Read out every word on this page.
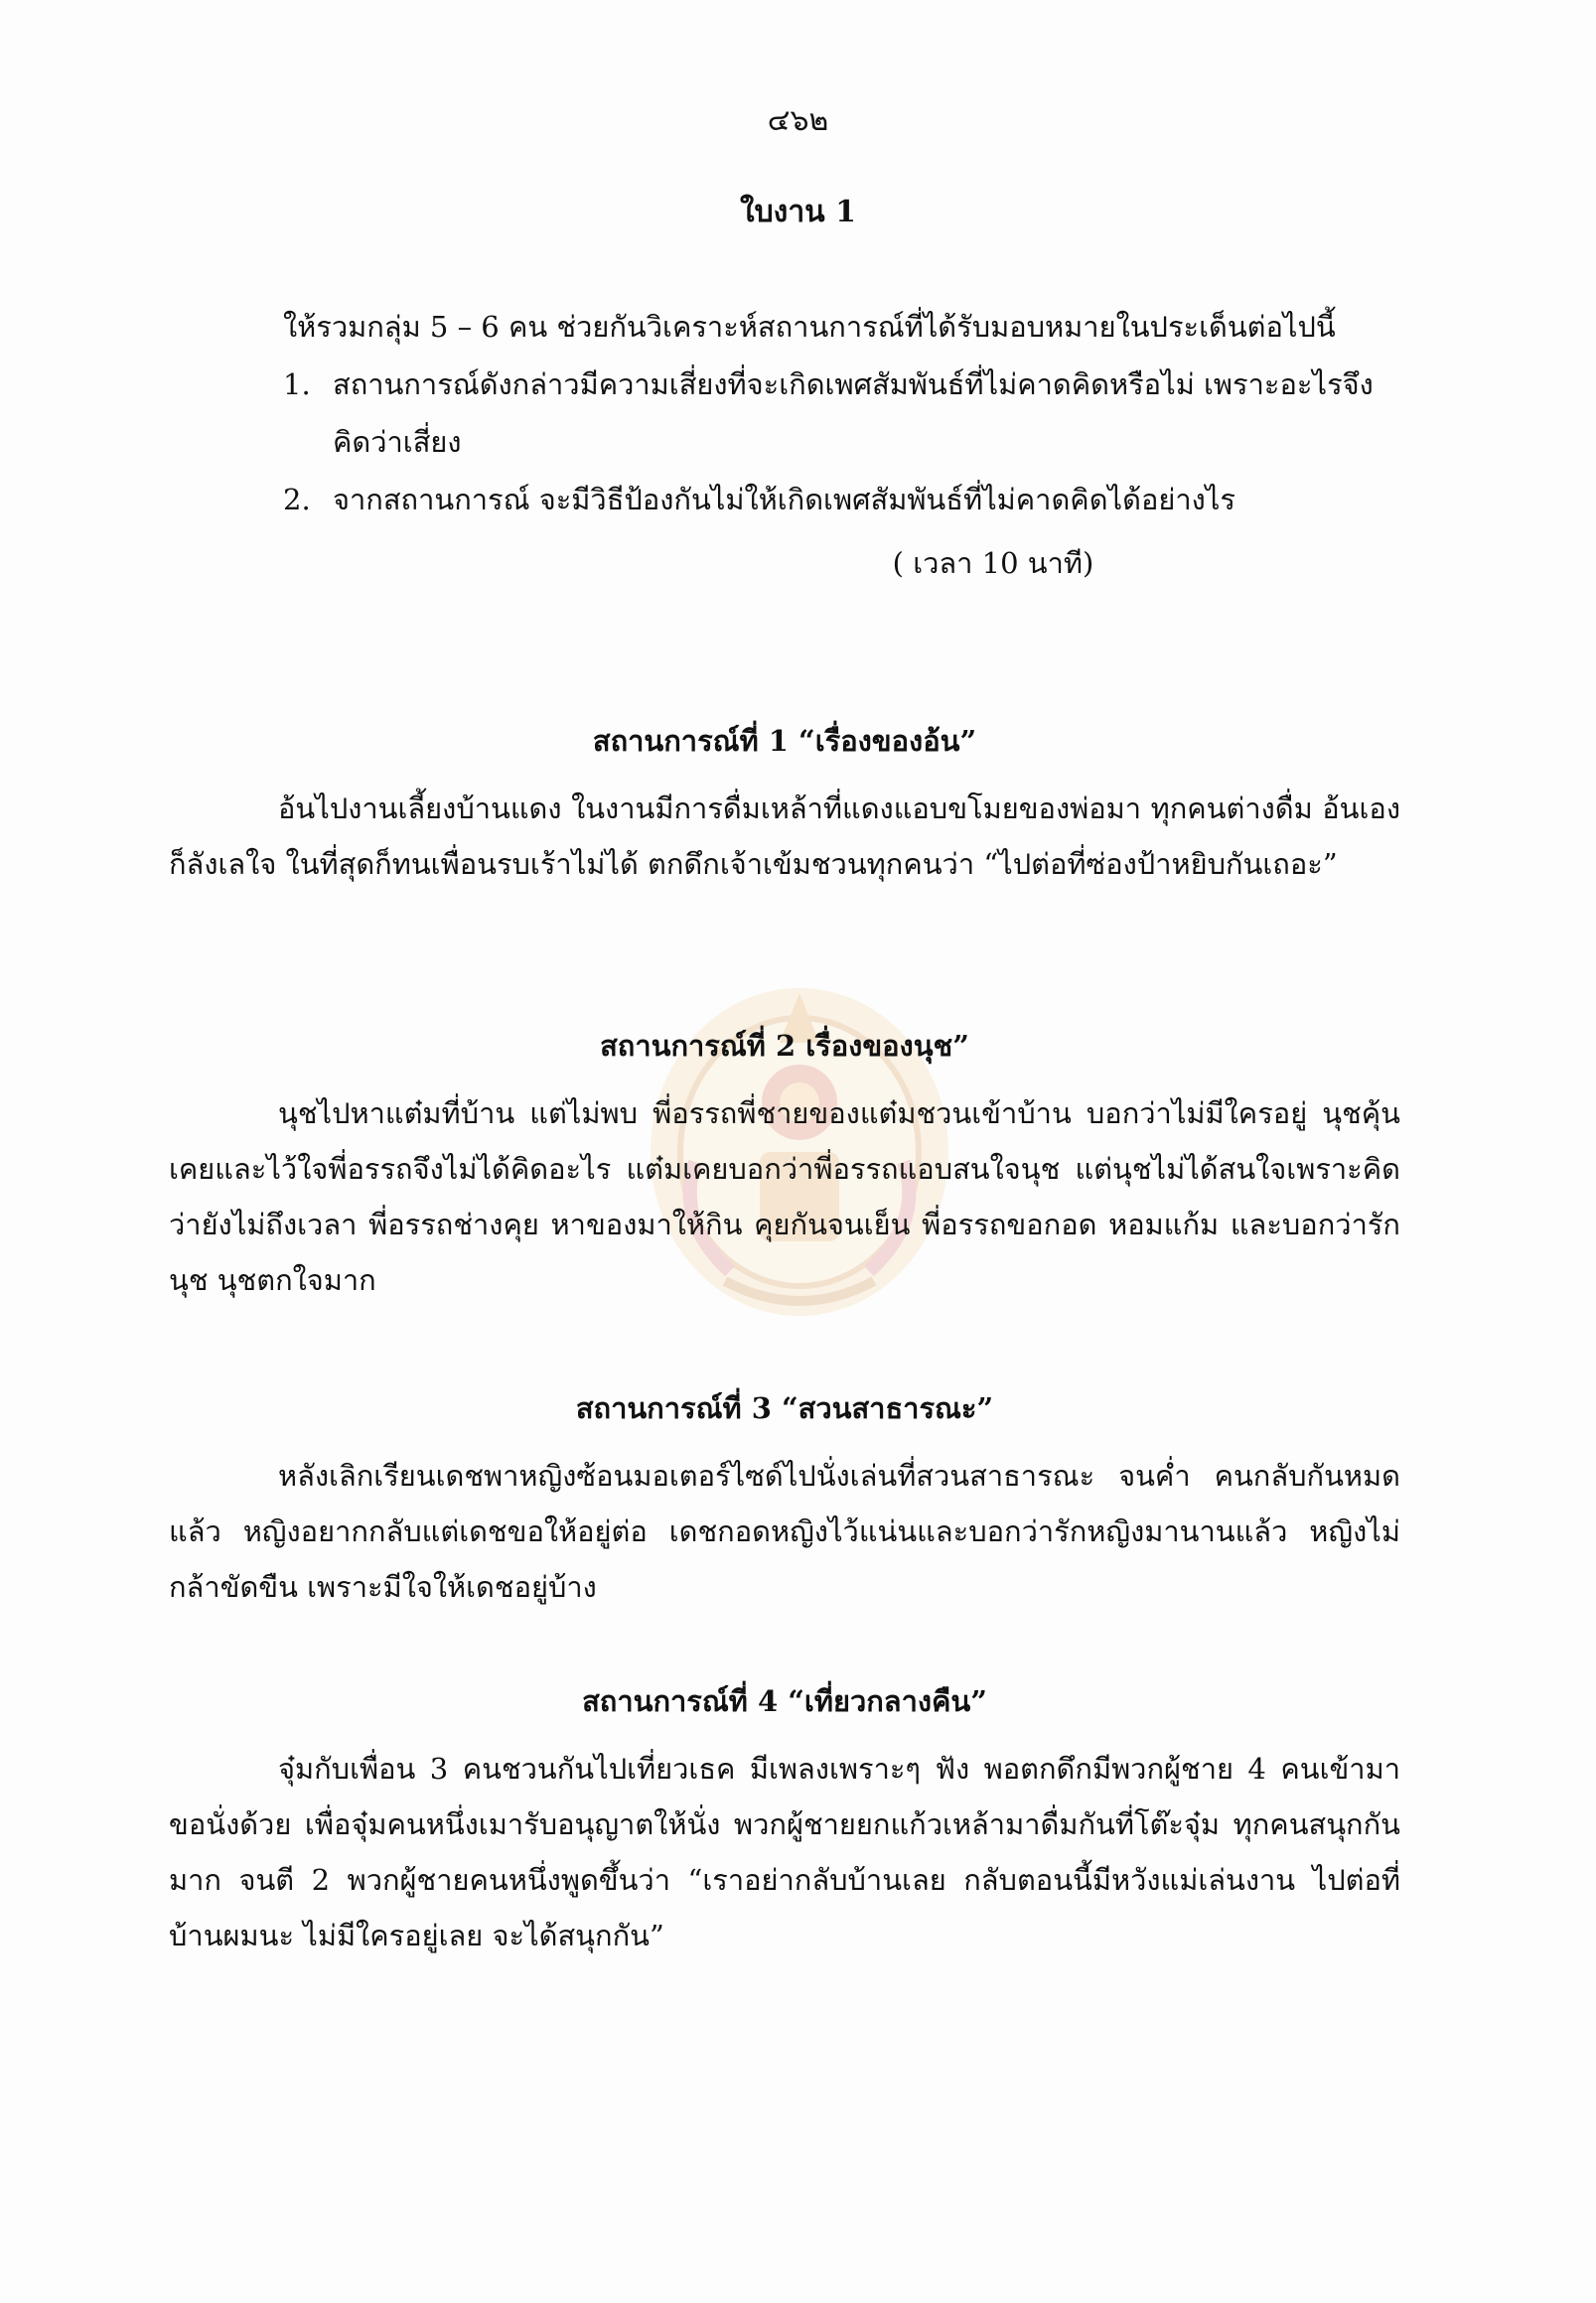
๔๖๒
ใบงาน 1
ให้รวมกลุ่ม 5 – 6 คน ช่วยกันวิเคราะห์สถานการณ์ที่ได้รับมอบหมายในประเด็นต่อไปนี้
1. สถานการณ์ดังกล่าวมีความเสี่ยงที่จะเกิดเพศสัมพันธ์ที่ไม่คาดคิดหรือไม่ เพราะอะไรจึงคิดว่าเสี่ยง
2. จากสถานการณ์ จะมีวิธีป้องกันไม่ให้เกิดเพศสัมพันธ์ที่ไม่คาดคิดได้อย่างไร
( เวลา 10 นาที)
สถานการณ์ที่ 1 “เรื่องของอ้น”
อ้นไปงานเลี้ยงบ้านแดง ในงานมีการดื่มเหล้าที่แดงแอบขโมยของพ่อมา ทุกคนต่างดื่ม อ้นเองก็ลังเลใจ ในที่สุดก็ทนเพื่อนรบเร้าไม่ได้ ตกดึกเจ้าเข้มชวนทุกคนว่า “ไปต่อที่ซ่องป้าหยิบกันเถอะ”
สถานการณ์ที่ 2 เรื่องของนุช”
นุชไปหาแต๋มที่บ้าน แต่ไม่พบ พี่อรรถพี่ชายของแต๋มชวนเข้าบ้าน บอกว่าไม่มีใครอยู่ นุชคุ้นเคยและไว้ใจพี่อรรถจึงไม่ได้คิดอะไร แต๋มเคยบอกว่าพี่อรรถแอบสนใจนุช แต่นุชไม่ได้สนใจเพราะคิดว่ายังไม่ถึงเวลา พี่อรรถช่างคุย หาของมาให้กิน คุยกันจนเย็น พี่อรรถขอกอด หอมแก้ม และบอกว่ารักนุช นุชตกใจมาก
สถานการณ์ที่ 3 “สวนสาธารณะ”
หลังเลิกเรียนเดชพาหญิงซ้อนมอเตอร์ไซด์ไปนั่งเล่นที่สวนสาธารณะ จนค่ำ คนกลับกันหมดแล้ว หญิงอยากกลับแต่เดชขอให้อยู่ต่อ เดชกอดหญิงไว้แน่นและบอกว่ารักหญิงมานานแล้ว หญิงไม่กล้าขัดขืน เพราะมีใจให้เดชอยู่บ้าง
สถานการณ์ที่ 4 “เที่ยวกลางคืน”
จุ๋มกับเพื่อน 3 คนชวนกันไปเที่ยวเธค มีเพลงเพราะๆ ฟัง พอตกดึกมีพวกผู้ชาย 4 คนเข้ามาขอนั่งด้วย เพื่อจุ๋มคนหนึ่งเมารับอนุญาตให้นั่ง พวกผู้ชายยกแก้วเหล้ามาดื่มกันที่โต๊ะจุ๋ม ทุกคนสนุกกันมาก จนตี 2 พวกผู้ชายคนหนึ่งพูดขึ้นว่า “เราอย่ากลับบ้านเลย กลับตอนนี้มีหวังแม่เล่นงาน ไปต่อที่บ้านผมนะ ไม่มีใครอยู่เลย จะได้สนุกกัน”
